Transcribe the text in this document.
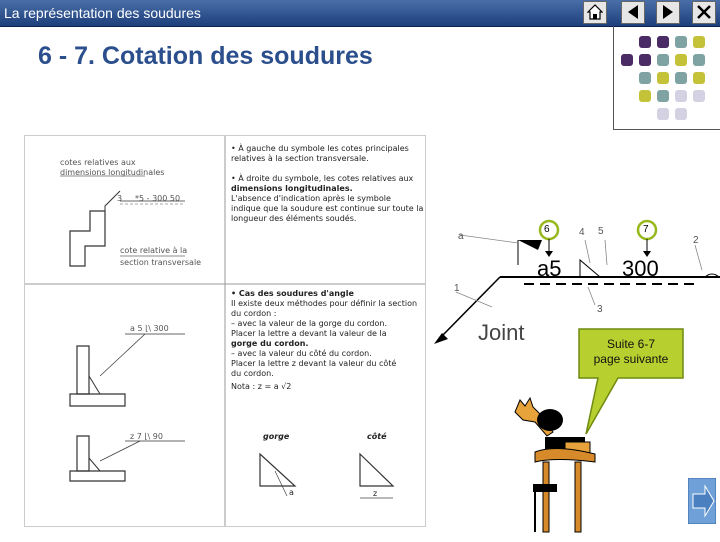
La représentation des soudures
6 - 7. Cotation des soudures
cotes relatives aux
dimensions longitudinales
3 *5 - 300 50
cote relative à la
section transversale
a 5 ⌊\ 300
z 7 ⌊\ 90
• À gauche du symbole les cotes principales
relatives à la section transversale.
• À droite du symbole, les cotes relatives aux
dimensions longitudinales.
L'absence d'indication après le symbole
indique que la soudure est continue sur toute la
longueur des éléments soudés.
• Cas des soudures d'angle
Il existe deux méthodes pour définir la section
du cordon :
– avec la valeur de la gorge du cordon.
Placer la lettre a devant la valeur de la
gorge du cordon.
– avec la valeur du côté du cordon.
Placer la lettre z devant la valeur du côté
du cordon.
Nota : z = a √2
gorge	côté
a	z
a5	300
Joint
6	4 5	7
2
1
3
a
Suite 6-7
page suivante
